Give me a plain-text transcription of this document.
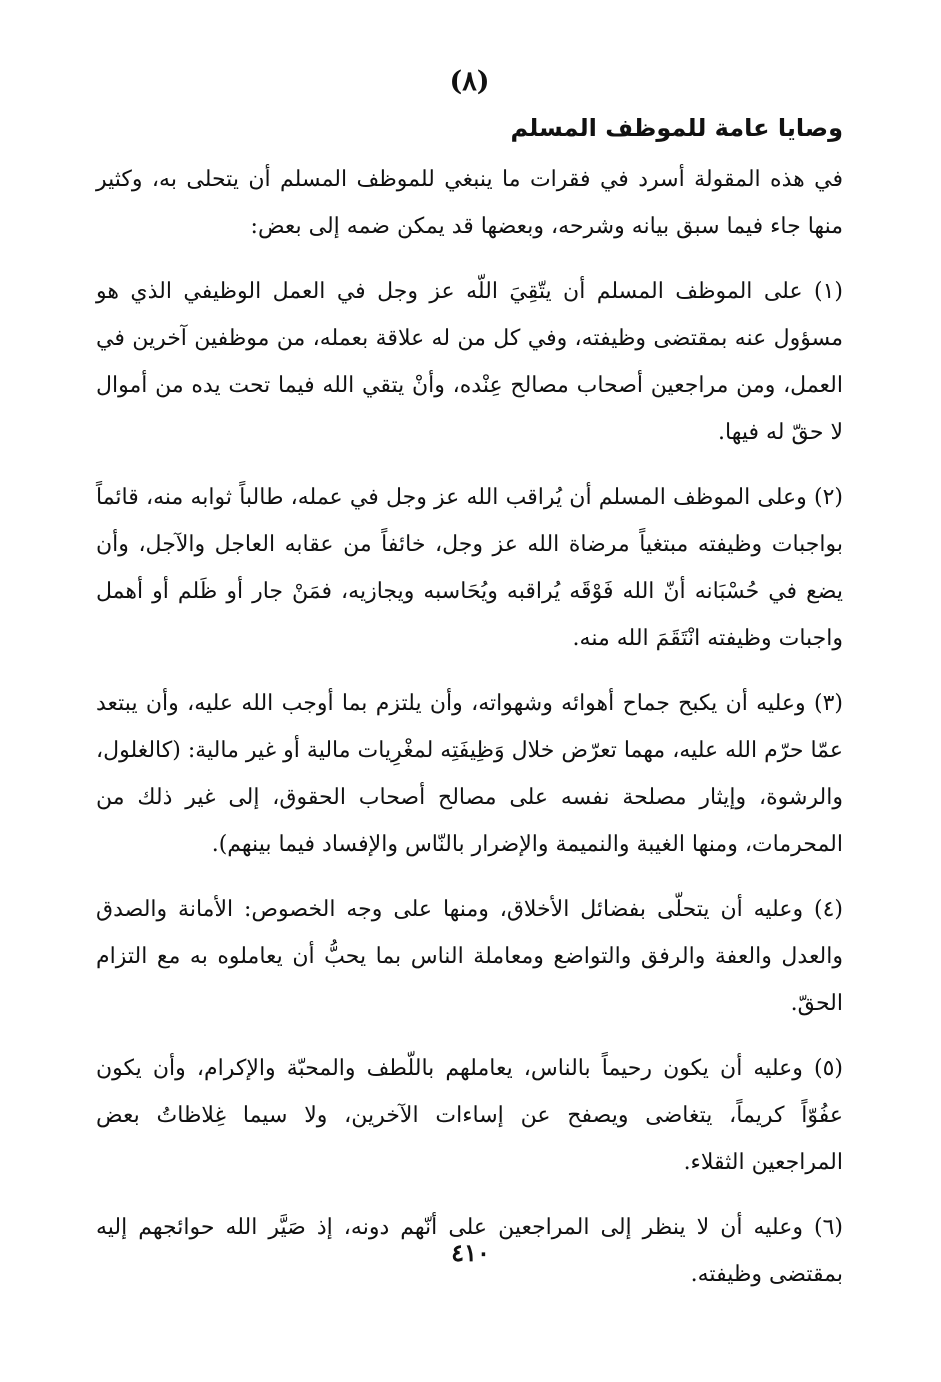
(٨)
وصايا عامة للموظف المسلم

في هذه المقولة أسرد في فقرات ما ينبغي للموظف المسلم أن يتحلى به، وكثير منها جاء فيما سبق بيانه وشرحه، وبعضها قد يمكن ضمه إلى بعض:

(١) على الموظف المسلم أن يتّقِيَ اللّه عز وجل في العمل الوظيفي الذي هو مسؤول عنه بمقتضى وظيفته، وفي كل من له علاقة بعمله، من موظفين آخرين في العمل، ومن مراجعين أصحاب مصالح عِنْده، وأنْ يتقي الله فيما تحت يده من أموال لا حقّ له فيها.

(٢) وعلى الموظف المسلم أن يُراقب الله عز وجل في عمله، طالباً ثوابه منه، قائماً بواجبات وظيفته مبتغياً مرضاة الله عز وجل، خائفاً من عقابه العاجل والآجل، وأن يضع في حُسْبَانه أنّ الله فَوْقَه يُراقبه ويُحَاسبه ويجازيه، فمَنْ جار أو ظَلم أو أهمل واجبات وظيفته انْتَقَمَ الله منه.

(٣) وعليه أن يكبح جماح أهوائه وشهواته، وأن يلتزم بما أوجب الله عليه، وأن يبتعد عمّا حرّم الله عليه، مهما تعرّض خلال وَظِيفَتِه لمغْرِيات مالية أو غير مالية: (كالغلول، والرشوة، وإيثار مصلحة نفسه على مصالح أصحاب الحقوق، إلى غير ذلك من المحرمات، ومنها الغيبة والنميمة والإضرار بالنّاس والإفساد فيما بينهم).

(٤) وعليه أن يتحلّى بفضائل الأخلاق، ومنها على وجه الخصوص: الأمانة والصدق والعدل والعفة والرفق والتواضع ومعاملة الناس بما يحبُّ أن يعاملوه به مع التزام الحقّ.

(٥) وعليه أن يكون رحيماً بالناس، يعاملهم باللّطف والمحبّة والإكرام، وأن يكون عفُوّاً كريماً، يتغاضى ويصفح عن إساءات الآخرين، ولا سيما غِلاظاتُ بعض المراجعين الثقلاء.

(٦) وعليه أن لا ينظر إلى المراجعين على أنّهم دونه، إذ صَيَّر الله حوائجهم إليه بمقتضى وظيفته.

٤١٠
